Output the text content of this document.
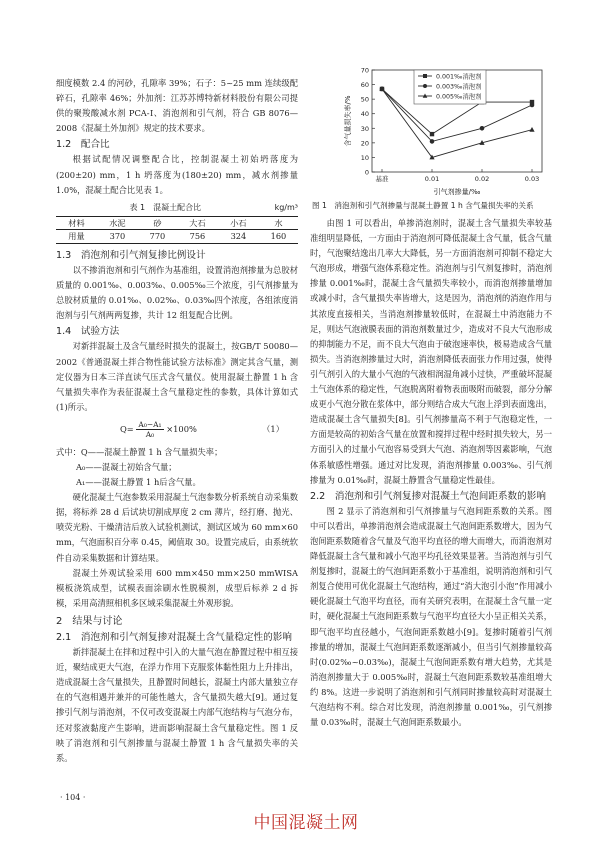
细度模数 2.4 的河砂，孔隙率 39%；石子：5~25 mm 连续级配碎石，孔隙率 46%；外加剂：江苏苏博特新材料股份有限公司提供的聚羧酸减水剂 PCA-Ⅰ、消泡剂和引气剂，符合 GB 8076—2008《混凝土外加剂》规定的技术要求。

1.2　配合比

根据试配情况调整配合比，控制混凝土初始坍落度为(200±20) mm，1 h 坍落度为(180±20) mm，减水剂掺量1.0%，混凝土配合比见表 1。

表 1　混凝土配合比	kg/m³
材料	水泥	砂	大石	小石	水
用量	370	770	756	324	160
1.3　消泡剂和引气剂复掺比例设计

以不掺消泡剂和引气剂作为基准组，设置消泡剂掺量为总胶材质量的 0.001‰、0.003‰、0.005‰三个浓度，引气剂掺量为总胶材质量的 0.01‰、0.02‰、0.03‰四个浓度，各组浓度消泡剂与引气剂两两复掺，共计 12 组复配合比例。

1.4　试验方法

对新拌混凝土及含气量经时损失的混凝土，按GB/T 50080—2002《普通混凝土拌合物性能试验方法标准》测定其含气量，测定仪器为日本三洋直读气压式含气量仪。使用混凝土静置 1 h 含气量损失率作为表征混凝土含气量稳定性的参数，具体计算如式(1)所示。

$Q= \frac{\text{A₀−A₁}}{\text{A₀}} \times 100\%$	（1）

式中：Q——混凝土静置 1 h 含气量损失率；

A₀——混凝土初始含气量；

A₁——混凝土静置 1 h后含气量。

硬化混凝土气泡参数采用混凝土气泡参数分析系统自动采集数据，将标养 28 d 后试块切割成厚度 2 cm 薄片，经打磨、抛光、喷荧光粉、干燥清洁后放入试验机测试，测试区域为 60 mm×60 mm，气泡面积百分率 0.45，阈值取 30。设置完成后，由系统软件自动采集数据和计算结果。

混凝土外观试验采用 600 mm×450 mm×250 mmWISA 模板浇筑成型，试模表面涂刷水性脱模剂，成型后标养 2 d 拆模，采用高清照相机多区域采集混凝土外观形貌。

2　结果与讨论
2.1　消泡剂和引气剂复掺对混凝土含气量稳定性的影响

新拌混凝土在拌和过程中引入的大量气泡在静置过程中相互接近，聚结成更大气泡，在浮力作用下克服浆体黏性阻力上升排出，造成混凝土含气量损失，且静置时间越长，混凝土内部大量独立存在的气泡相遇并兼并的可能性越大，含气量损失越大[9]。通过复掺引气剂与消泡剂，不仅可改变混凝土内部气泡结构与气泡分布，还对浆液黏度产生影响，进而影响混凝土含气量稳定性。图 1 反映了消泡剂和引气剂掺量与混凝土静置 1 h 含气量损失率的关系。

0
10
20
30
40
50
60
70
基准	0.01	0.02	0.03
引气剂掺量/‰
含气量损失率/%
0.001‰消泡剂
0.003‰消泡剂
0.005‰消泡剂
图 1　消泡剂和引气剂掺量与混凝土静置 1 h 含气量损失率的关系

由图 1 可以看出，单掺消泡剂时，混凝土含气量损失率较基准组明显降低，一方面由于消泡剂可降低混凝土含气量，低含气量时，气泡聚结逸出几率大大降低，另一方面消泡剂可抑制不稳定大气泡形成，增强气泡体系稳定性。消泡剂与引气剂复掺时，消泡剂掺量 0.001‰时，混凝土含气量损失率较小，而消泡剂掺量增加或减小时，含气量损失率皆增大，这是因为，消泡剂的消泡作用与其浓度直接相关，当消泡剂掺量较低时，在混凝土中消泡能力不足，则达气泡液膜表面的消泡剂数量过少，造成对不良大气泡形成的抑制能力不足，而不良大气泡由于破泡速率快，极易造成含气量损失。当消泡剂掺量过大时，消泡剂降低表面张力作用过强，使得引气剂引入的大量小气泡的气液相润湿角减小过快，严重破坏混凝土气泡体系的稳定性，气泡脱离附着物表面吸附而破裂，部分分解成更小气泡分散在浆体中，部分则结合成大气泡上浮到表面逸出，造成混凝土含气量损失[8]。引气剂掺量高不利于气泡稳定性，一方面是较高的初始含气量在放置和搅拌过程中经时损失较大，另一方面引入的过量小气泡容易受到大气泡、消泡剂等因素影响，气泡体系敏感性增强。通过对比发现，消泡剂掺量 0.003‰、引气剂掺量为 0.01‰时，混凝土静置含气量稳定性最佳。

2.2　消泡剂和引气剂复掺对混凝土气泡间距系数的影响

图 2 显示了消泡剂和引气剂掺量与气泡间距系数的关系。图中可以看出，单掺消泡剂会造成混凝土气泡间距系数增大，因为气泡间距系数随着含气量及气泡平均直径的增大而增大，而消泡剂对降低混凝土含气量和减小气泡平均孔径效果显著。当消泡剂与引气剂复掺时，混凝土的气泡间距系数小于基准组，说明消泡剂和引气剂复合使用可优化混凝土气泡结构，通过“消大泡引小泡”作用减小硬化混凝土气泡平均直径，而有关研究表明，在混凝土含气量一定时，硬化混凝土气泡间距系数与气泡平均直径大小呈正相关关系，即气泡平均直径越小，气泡间距系数越小[9]。复掺时随着引气剂掺量的增加，混凝土气泡间距系数逐渐减小，但当引气剂掺量较高时(0.02‰~0.03‰)，混凝土气泡间距系数有增大趋势，尤其是消泡剂掺量大于 0.005‰时，混凝土气泡间距系数较基准组增大约 8%。这进一步说明了消泡剂和引气剂同时掺量较高时对混凝土气泡结构不利。综合对比发现，消泡剂掺量 0.001‰，引气剂掺量 0.03‰时，混凝土气泡间距系数最小。

· 104 ·
中国混凝土网
